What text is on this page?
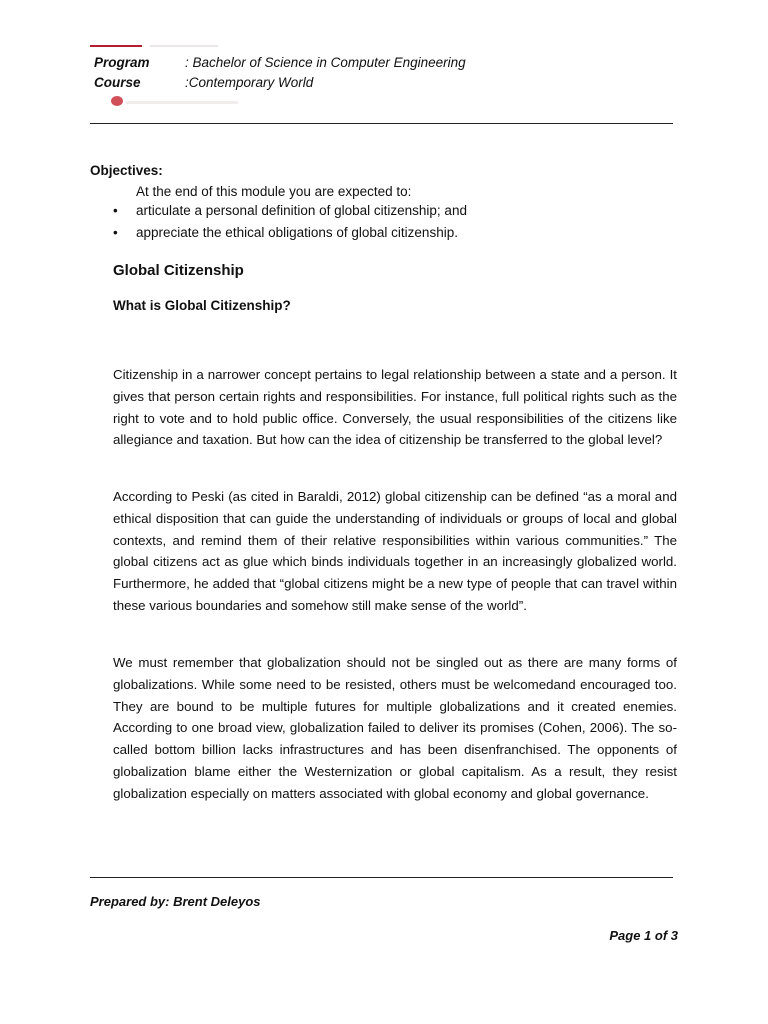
Program	: Bachelor of Science in Computer Engineering
Course	:Contemporary World
Objectives:
At the end of this module you are expected to:
• articulate a personal definition of global citizenship; and
• appreciate the ethical obligations of global citizenship.
Global Citizenship
What is Global Citizenship?

Citizenship in a narrower concept pertains to legal relationship between a state and a person. It gives that person certain rights and responsibilities. For instance, full political rights such as the right to vote and to hold public office. Conversely, the usual responsibilities of the citizens like allegiance and taxation. But how can the idea of citizenship be transferred to the global level?

According to Peski (as cited in Baraldi, 2012) global citizenship can be defined “as a moral and ethical disposition that can guide the understanding of individuals or groups of local and global contexts, and remind them of their relative responsibilities within various communities.” The global citizens act as glue which binds individuals together in an increasingly globalized world. Furthermore, he added that “global citizens might be a new type of people that can travel within these various boundaries and somehow still make sense of the world”.

We must remember that globalization should not be singled out as there are many forms of globalizations. While some need to be resisted, others must be welcomedand encouraged too. They are bound to be multiple futures for multiple globalizations and it created enemies. According to one broad view, globalization failed to deliver its promises (Cohen, 2006). The so-called bottom billion lacks infrastructures and has been disenfranchised. The opponents of globalization blame either the Westernization or global capitalism. As a result, they resist globalization especially on matters associated with global economy and global governance.

Prepared by: Brent Deleyos
Page 1 of 3
